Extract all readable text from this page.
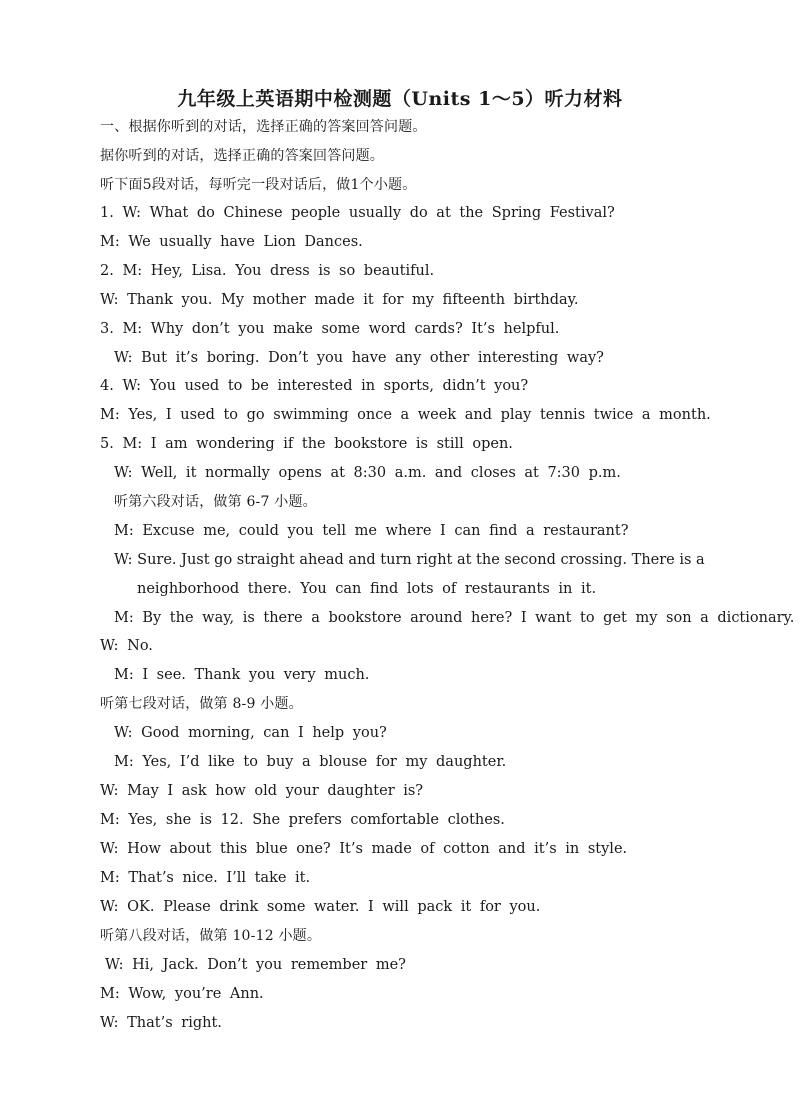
九年级上英语期中检测题（Units 1～5）听力材料
一、根据你听到的对话，选择正确的答案回答问题。
据你听到的对话，选择正确的答案回答问题。
听下面5段对话，每听完一段对话后，做1个小题。
1. W: What do Chinese people usually do at the Spring Festival?
M: We usually have Lion Dances.
2. M: Hey, Lisa. You dress is so beautiful.
W: Thank you. My mother made it for my fifteenth birthday.
3. M: Why don’t you make some word cards? It’s helpful.
W: But it’s boring. Don’t you have any other interesting way?
4. W: You used to be interested in sports, didn’t you?
M: Yes, I used to go swimming once a week and play tennis twice a month.
5. M: I am wondering if the bookstore is still open.
W: Well, it normally opens at 8:30 a.m. and closes at 7:30 p.m.
听第六段对话，做第 6-7 小题。
M: Excuse me, could you tell me where I can find a restaurant?
W: Sure. Just go straight ahead and turn right at the second crossing. There is a
neighborhood there. You can find lots of restaurants in it.
M: By the way, is there a bookstore around here? I want to get my son a dictionary.
W: No.
M: I see. Thank you very much.
听第七段对话，做第 8-9 小题。
W: Good morning, can I help you?
M: Yes, I’d like to buy a blouse for my daughter.
W: May I ask how old your daughter is?
M: Yes, she is 12. She prefers comfortable clothes.
W: How about this blue one? It’s made of cotton and it’s in style.
M: That’s nice. I’ll take it.
W: OK. Please drink some water. I will pack it for you.
听第八段对话，做第 10-12 小题。
W: Hi, Jack. Don’t you remember me?
M: Wow, you’re Ann.
W: That’s right.
